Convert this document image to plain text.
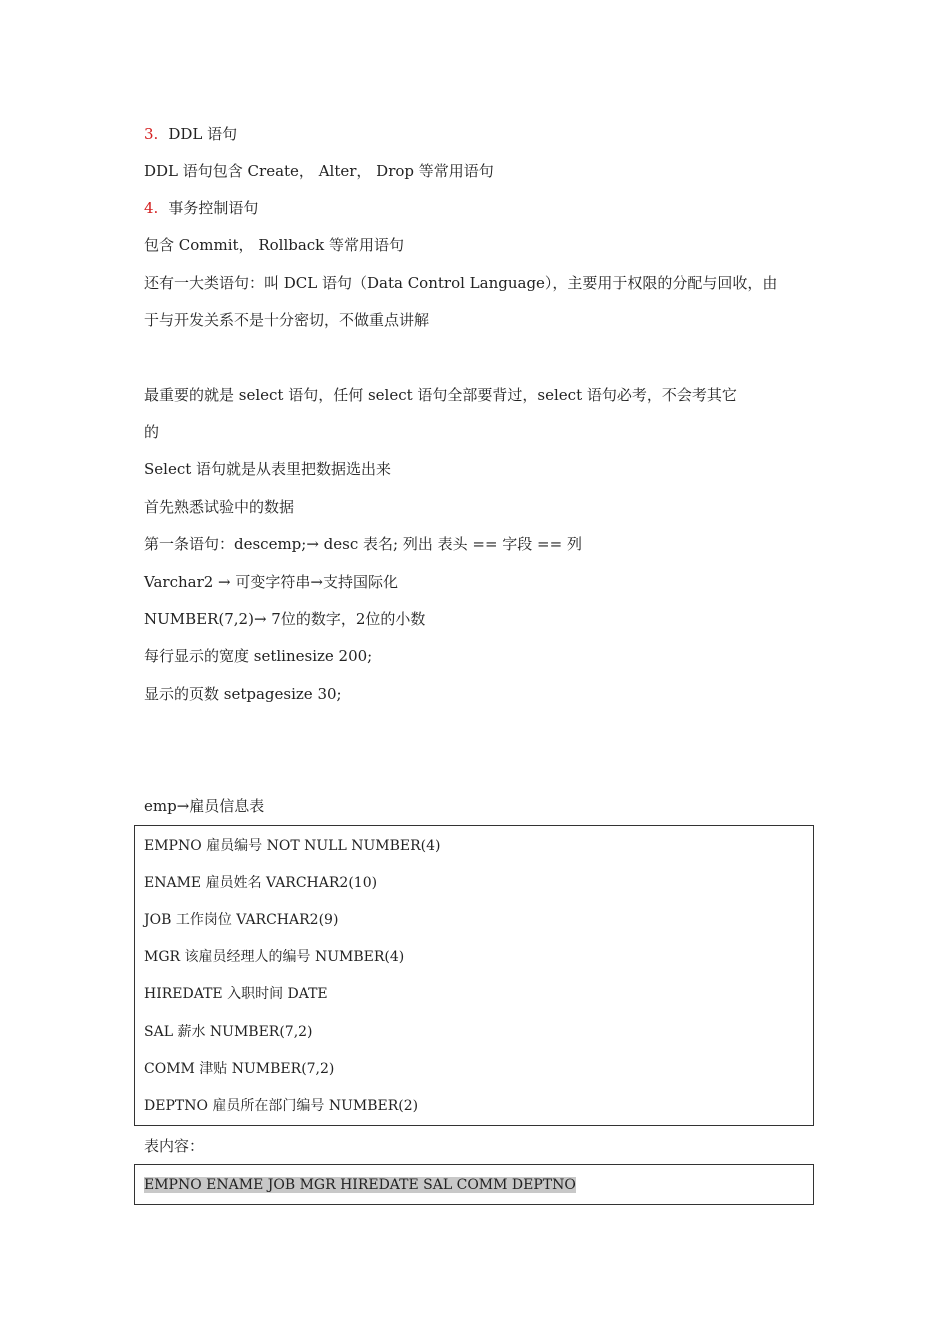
3. DDL 语句
DDL 语句包含 Create， Alter， Drop 等常用语句
4. 事务控制语句
包含 Commit， Rollback 等常用语句
还有一大类语句：叫 DCL 语句（Data Control Language），主要用于权限的分配与回收，由
于与开发关系不是十分密切，不做重点讲解
最重要的就是 select 语句，任何 select 语句全部要背过，select 语句必考，不会考其它
的
Select 语句就是从表里把数据选出来
首先熟悉试验中的数据
第一条语句：descemp;→ desc 表名; 列出 表头 == 字段 == 列
Varchar2 → 可变字符串→支持国际化
NUMBER(7,2)→ 7位的数字，2位的小数
每行显示的宽度 setlinesize 200;
显示的页数 setpagesize 30;
emp→雇员信息表
EMPNO 雇员编号 NOT NULL NUMBER(4)
ENAME 雇员姓名 VARCHAR2(10)
JOB 工作岗位 VARCHAR2(9)
MGR 该雇员经理人的编号 NUMBER(4)
HIREDATE 入职时间 DATE
SAL 薪水 NUMBER(7,2)
COMM 津贴 NUMBER(7,2)
DEPTNO 雇员所在部门编号 NUMBER(2)
表内容：
EMPNO ENAME JOB MGR HIREDATE SAL COMM DEPTNO
